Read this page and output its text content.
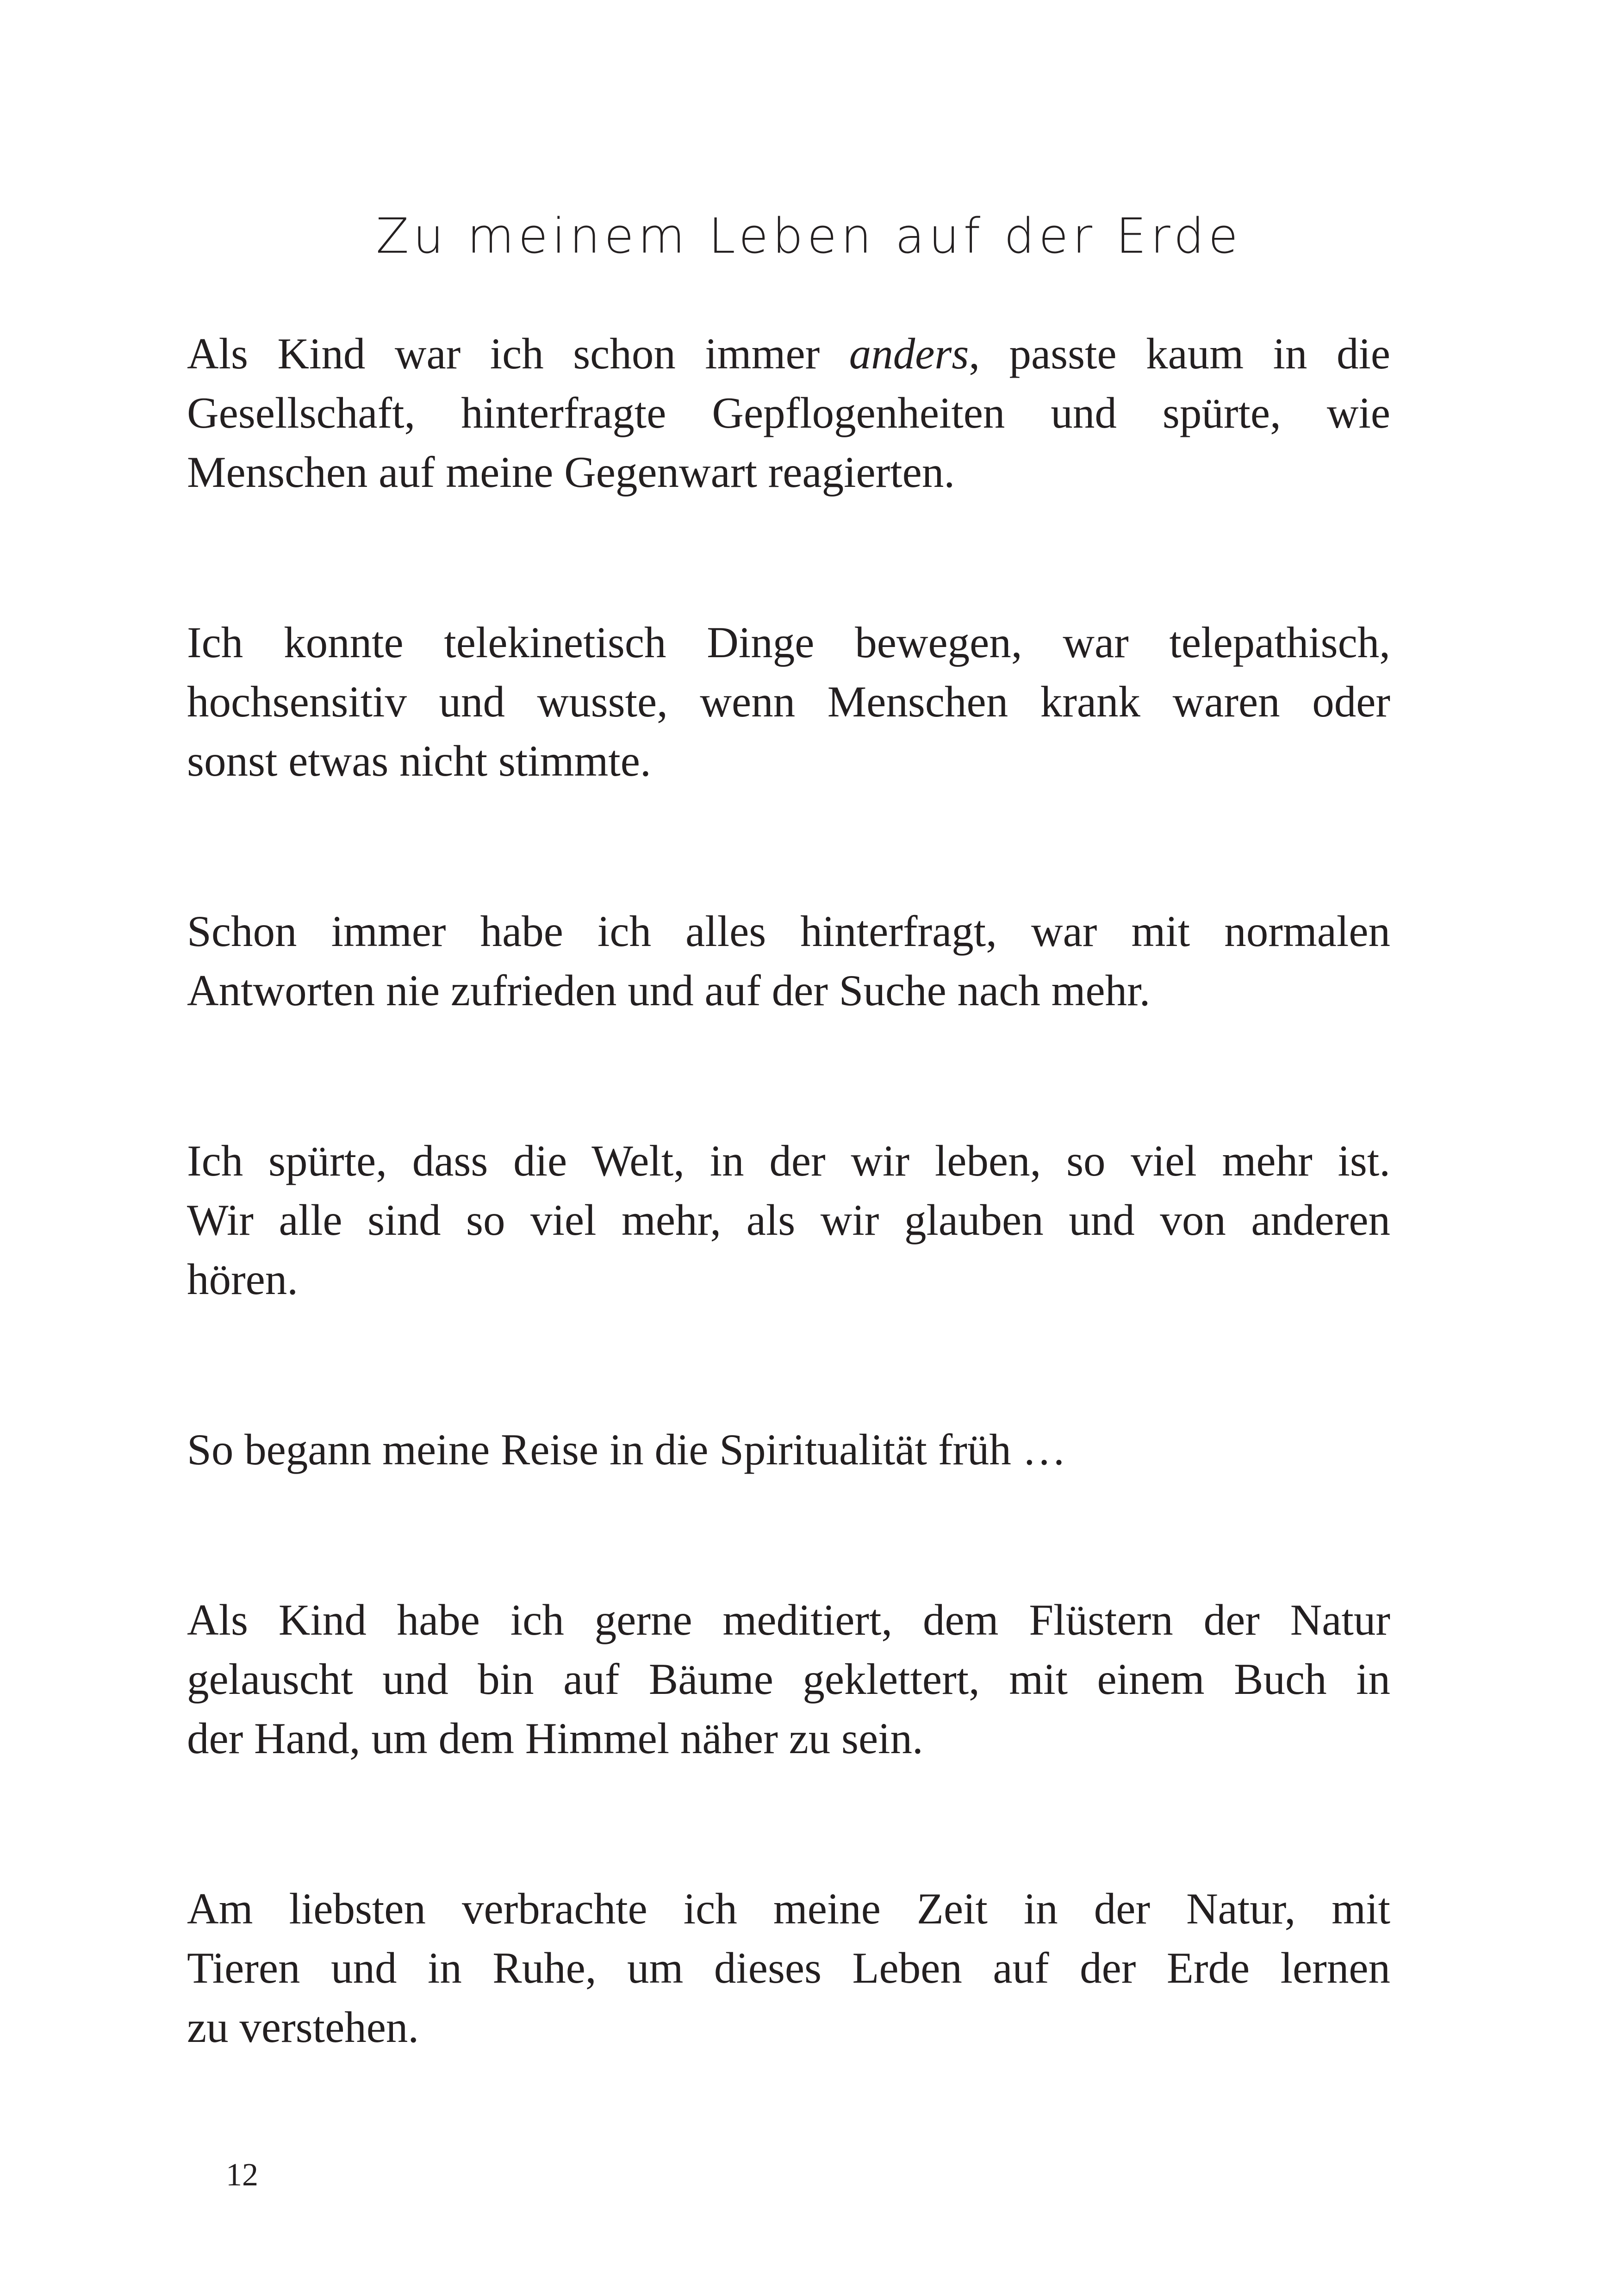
Zu meinem Leben auf der Erde

Als Kind war ich schon immer anders, passte kaum in die
Gesellschaft, hinterfragte Gepflogenheiten und spürte, wie
Menschen auf meine Gegenwart reagierten.

Ich konnte telekinetisch Dinge bewegen, war telepathisch,
hochsensitiv und wusste, wenn Menschen krank waren oder
sonst etwas nicht stimmte.

Schon immer habe ich alles hinterfragt, war mit normalen
Antworten nie zufrieden und auf der Suche nach mehr.

Ich spürte, dass die Welt, in der wir leben, so viel mehr ist.
Wir alle sind so viel mehr, als wir glauben und von anderen
hören.

So begann meine Reise in die Spiritualität früh …

Als Kind habe ich gerne meditiert, dem Flüstern der Natur
gelauscht und bin auf Bäume geklettert, mit einem Buch in
der Hand, um dem Himmel näher zu sein.

Am liebsten verbrachte ich meine Zeit in der Natur, mit
Tieren und in Ruhe, um dieses Leben auf der Erde lernen
zu verstehen.

12
